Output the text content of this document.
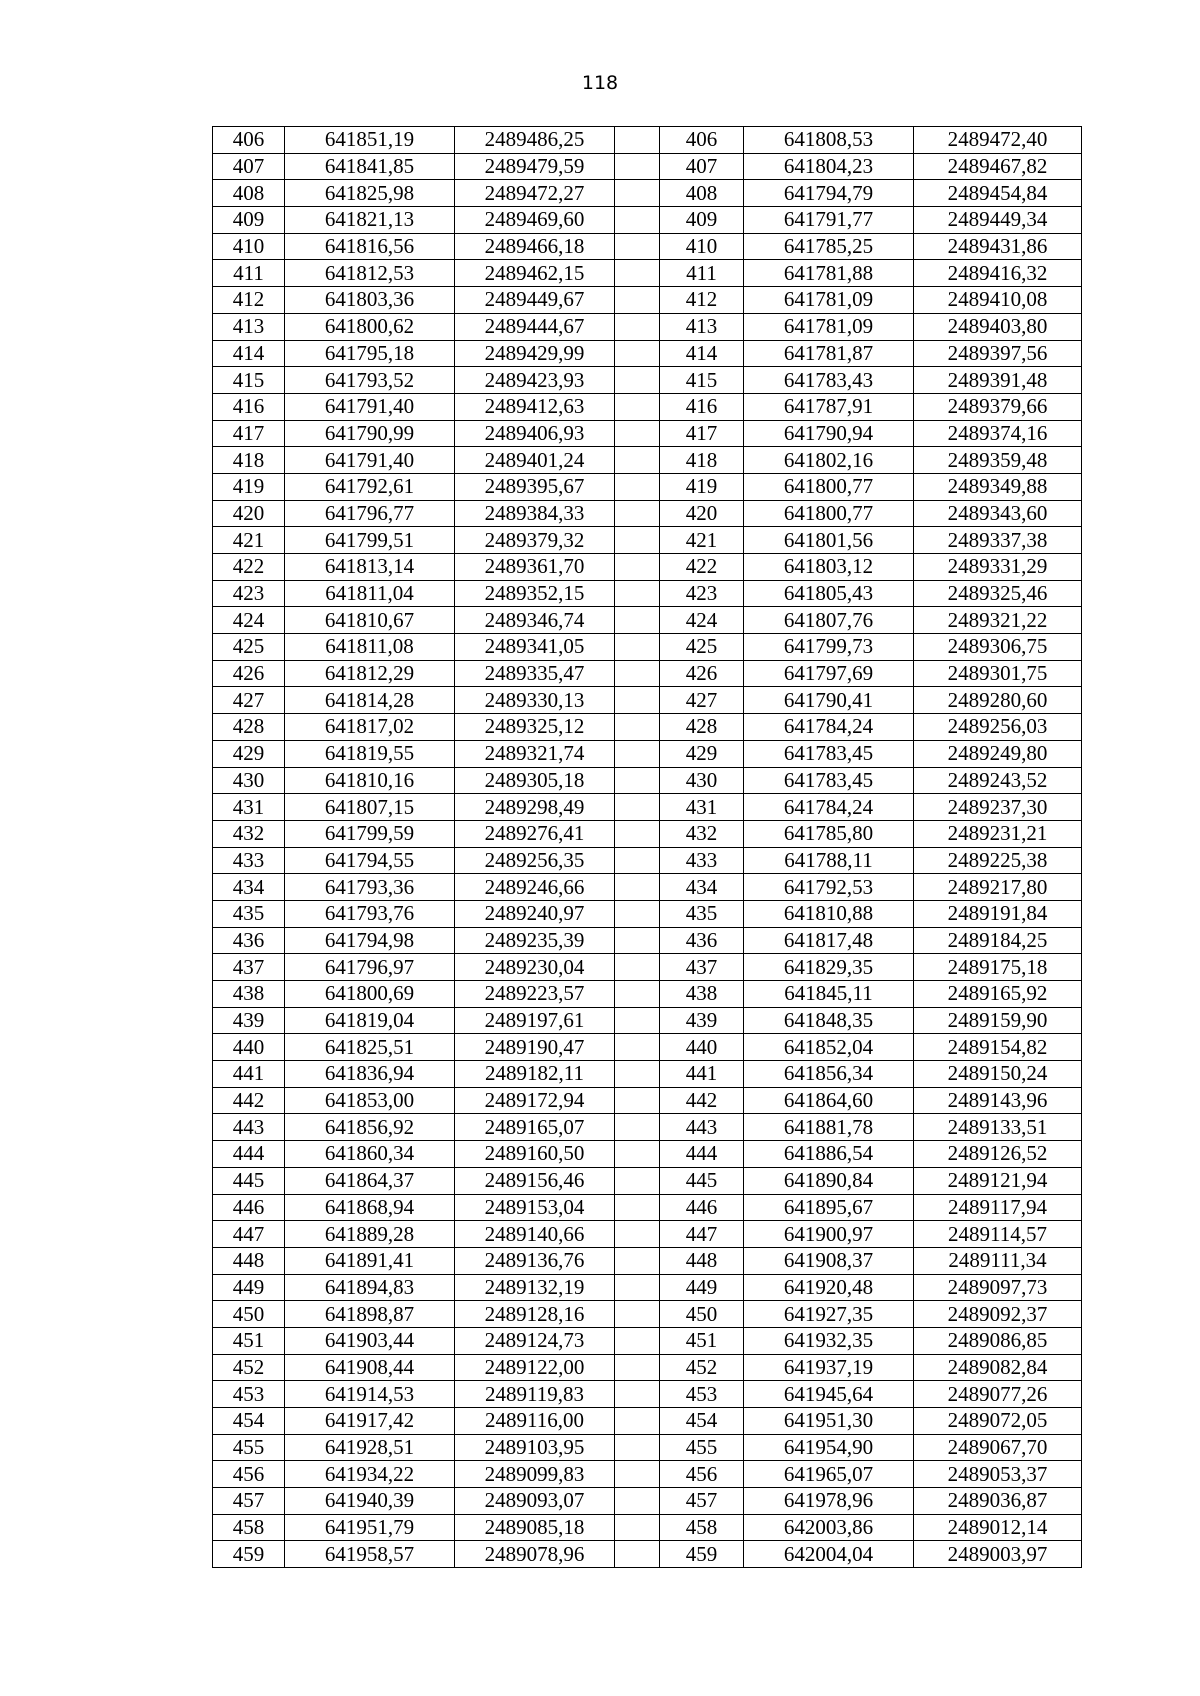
118
406	641851,19	2489486,25		406	641808,53	2489472,40
407	641841,85	2489479,59		407	641804,23	2489467,82
408	641825,98	2489472,27		408	641794,79	2489454,84
409	641821,13	2489469,60		409	641791,77	2489449,34
410	641816,56	2489466,18		410	641785,25	2489431,86
411	641812,53	2489462,15		411	641781,88	2489416,32
412	641803,36	2489449,67		412	641781,09	2489410,08
413	641800,62	2489444,67		413	641781,09	2489403,80
414	641795,18	2489429,99		414	641781,87	2489397,56
415	641793,52	2489423,93		415	641783,43	2489391,48
416	641791,40	2489412,63		416	641787,91	2489379,66
417	641790,99	2489406,93		417	641790,94	2489374,16
418	641791,40	2489401,24		418	641802,16	2489359,48
419	641792,61	2489395,67		419	641800,77	2489349,88
420	641796,77	2489384,33		420	641800,77	2489343,60
421	641799,51	2489379,32		421	641801,56	2489337,38
422	641813,14	2489361,70		422	641803,12	2489331,29
423	641811,04	2489352,15		423	641805,43	2489325,46
424	641810,67	2489346,74		424	641807,76	2489321,22
425	641811,08	2489341,05		425	641799,73	2489306,75
426	641812,29	2489335,47		426	641797,69	2489301,75
427	641814,28	2489330,13		427	641790,41	2489280,60
428	641817,02	2489325,12		428	641784,24	2489256,03
429	641819,55	2489321,74		429	641783,45	2489249,80
430	641810,16	2489305,18		430	641783,45	2489243,52
431	641807,15	2489298,49		431	641784,24	2489237,30
432	641799,59	2489276,41		432	641785,80	2489231,21
433	641794,55	2489256,35		433	641788,11	2489225,38
434	641793,36	2489246,66		434	641792,53	2489217,80
435	641793,76	2489240,97		435	641810,88	2489191,84
436	641794,98	2489235,39		436	641817,48	2489184,25
437	641796,97	2489230,04		437	641829,35	2489175,18
438	641800,69	2489223,57		438	641845,11	2489165,92
439	641819,04	2489197,61		439	641848,35	2489159,90
440	641825,51	2489190,47		440	641852,04	2489154,82
441	641836,94	2489182,11		441	641856,34	2489150,24
442	641853,00	2489172,94		442	641864,60	2489143,96
443	641856,92	2489165,07		443	641881,78	2489133,51
444	641860,34	2489160,50		444	641886,54	2489126,52
445	641864,37	2489156,46		445	641890,84	2489121,94
446	641868,94	2489153,04		446	641895,67	2489117,94
447	641889,28	2489140,66		447	641900,97	2489114,57
448	641891,41	2489136,76		448	641908,37	2489111,34
449	641894,83	2489132,19		449	641920,48	2489097,73
450	641898,87	2489128,16		450	641927,35	2489092,37
451	641903,44	2489124,73		451	641932,35	2489086,85
452	641908,44	2489122,00		452	641937,19	2489082,84
453	641914,53	2489119,83		453	641945,64	2489077,26
454	641917,42	2489116,00		454	641951,30	2489072,05
455	641928,51	2489103,95		455	641954,90	2489067,70
456	641934,22	2489099,83		456	641965,07	2489053,37
457	641940,39	2489093,07		457	641978,96	2489036,87
458	641951,79	2489085,18		458	642003,86	2489012,14
459	641958,57	2489078,96		459	642004,04	2489003,97
